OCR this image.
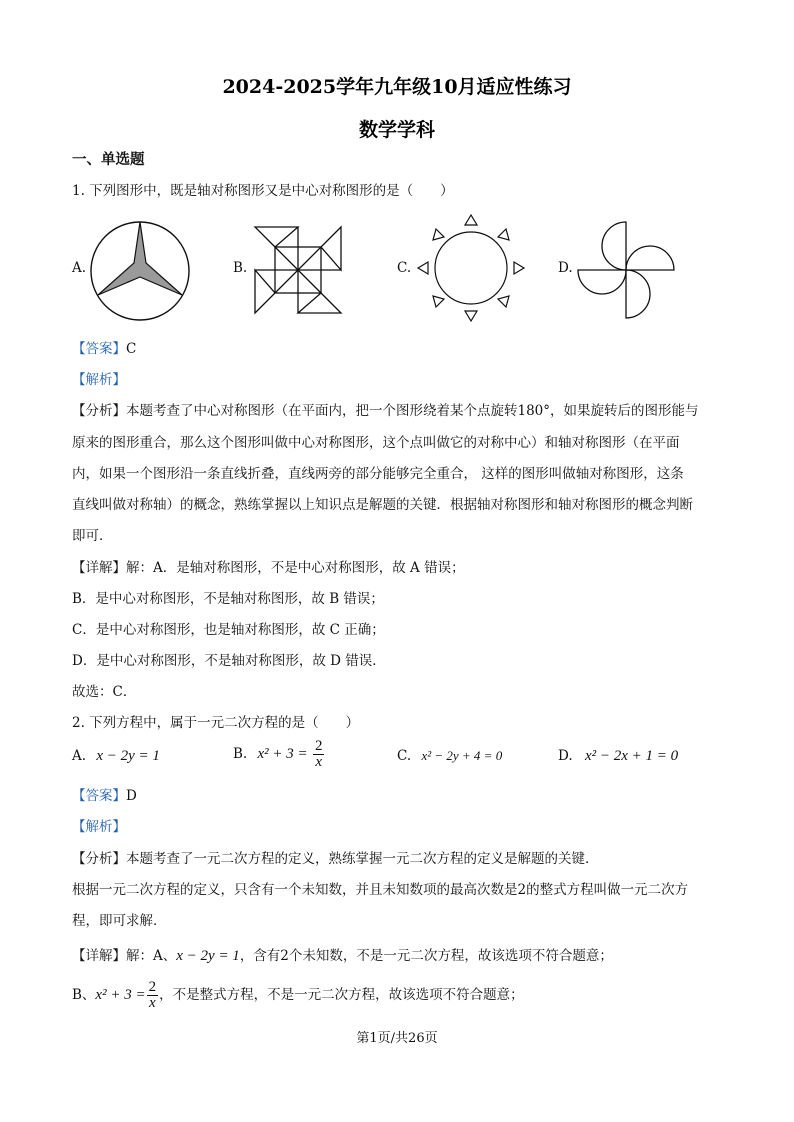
2024-2025学年九年级10月适应性练习
数学学科
一、单选题
1. 下列图形中，既是轴对称图形又是中心对称图形的是（　　）
A.	B.	C.	D.
【答案】C
【解析】
【分析】本题考查了中心对称图形（在平面内，把一个图形绕着某个点旋转180°，如果旋转后的图形能与
原来的图形重合，那么这个图形叫做中心对称图形，这个点叫做它的对称中心）和轴对称图形（在平面
内，如果一个图形沿一条直线折叠，直线两旁的部分能够完全重合， 这样的图形叫做轴对称图形，这条
直线叫做对称轴）的概念，熟练掌握以上知识点是解题的关键．根据轴对称图形和轴对称图形的概念判断
即可．
【详解】解：A．是轴对称图形，不是中心对称图形，故 A 错误；
B．是中心对称图形，不是轴对称图形，故 B 错误；
C．是中心对称图形，也是轴对称图形，故 C 正确；
D．是中心对称图形，不是轴对称图形，故 D 错误．
故选：C．
2. 下列方程中，属于一元二次方程的是（　　）
A. x − 2y = 1	B. $x^2 + 3 = \frac{2}{x}$	C. x² − 2y + 4 = 0	D. x² − 2x + 1 = 0
【答案】D
【解析】
【分析】本题考查了一元二次方程的定义，熟练掌握一元二次方程的定义是解题的关键．
根据一元二次方程的定义，只含有一个未知数，并且未知数项的最高次数是2的整式方程叫做一元二次方
程，即可求解．
【详解】解：A、x − 2y = 1，含有2个未知数，不是一元二次方程，故该选项不符合题意；
B、$x^2 + 3 = \frac{2}{x}$ ，不是整式方程，不是一元二次方程，故该选项不符合题意；
第1页/共26页
